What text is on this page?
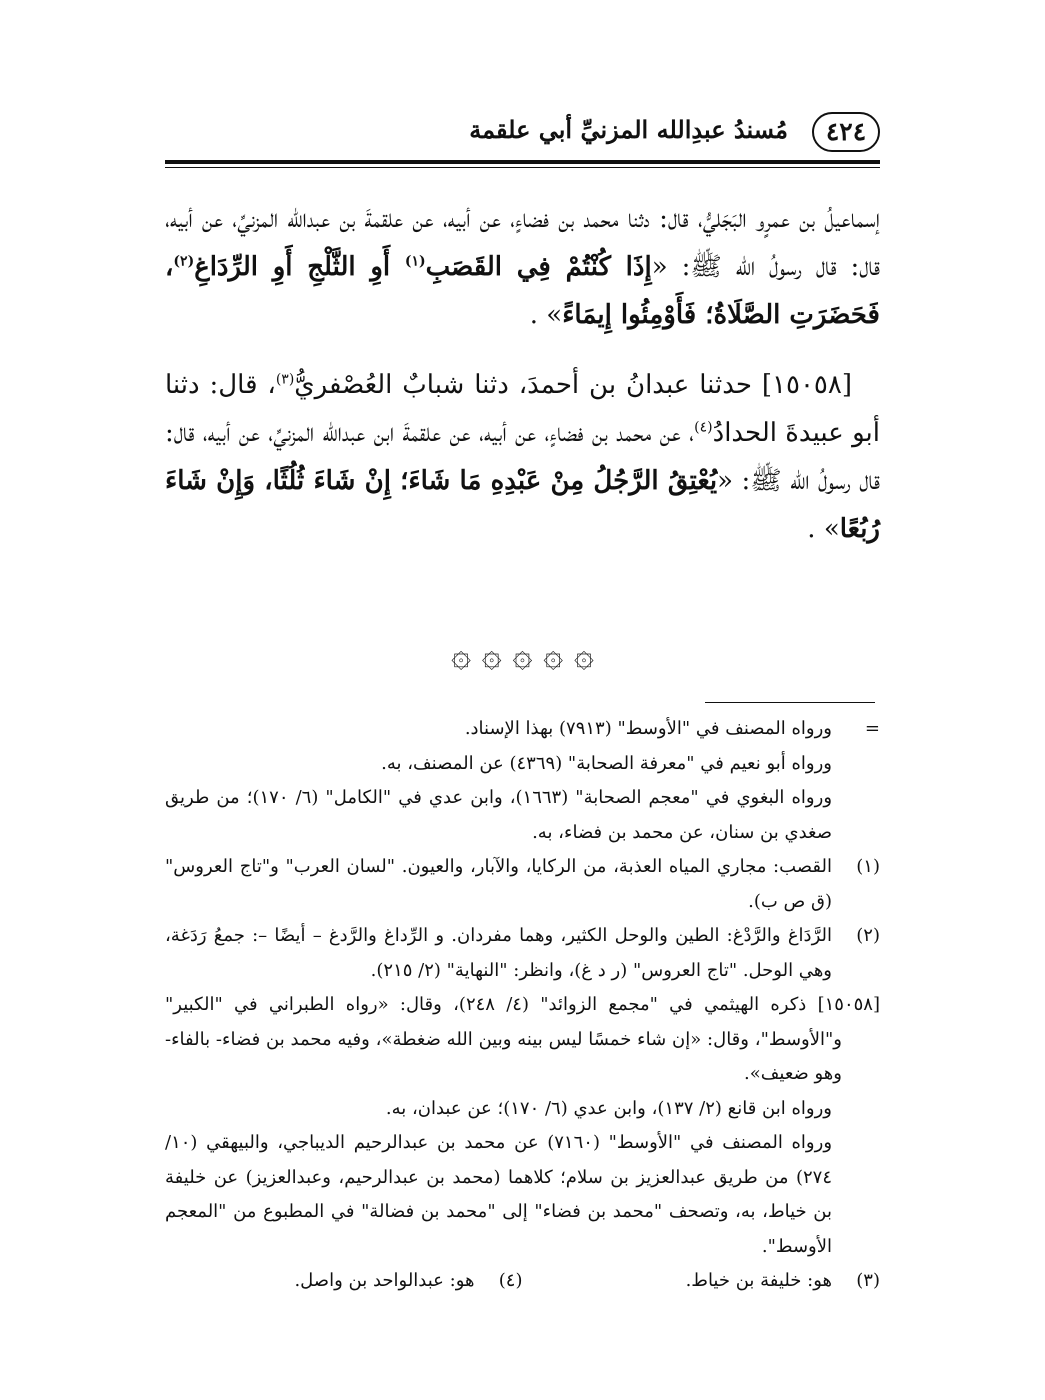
٤٢٤
مُسندُ عبدِالله المزنيِّ أبي علقمة

إسماعيلُ بن عمرٍو البَجَليُّ، قال: دثنا محمد بن فضاءٍ، عن أبيه، عن علقمةَ بن عبدالله المزنيِّ، عن أبيه، قال: قال رسولُ الله ﷺ: «إِذَا كُنْتُمْ فِي القَصَبِ$^{(١)}$ أَوِ الثَّلْجِ أَوِ الرِّدَاغِ$^{(٢)}$، فَحَضَرَتِ الصَّلَاةُ؛ فَأَوْمِئُوا إِيمَاءً» .

[١٥٠٥٨] حدثنا عبدانُ بن أحمدَ، دثنا شبابٌ العُصْفريُّ$^{(٣)}$، قال: دثنا أبو عبيدةَ الحدادُ$^{(٤)}$، عن محمد بن فضاءٍ، عن أبيه، عن علقمةَ ابن عبدالله المزنيِّ، عن أبيه، قال: قال رسولُ الله ﷺ: «يُعْتِقُ الرَّجُلُ مِنْ عَبْدِهِ مَا شَاءَ؛ إِنْ شَاءَ ثُلُثًا، وَإِنْ شَاءَ رُبُعًا» .

۞ ۞ ۞ ۞ ۞
=
ورواه المصنف في "الأوسط" (٧٩١٣) بهذا الإسناد.
ورواه أبو نعيم في "معرفة الصحابة" (٤٣٦٩) عن المصنف، به.
ورواه البغوي في "معجم الصحابة" (١٦٦٣)، وابن عدي في "الكامل" (٦/ ١٧٠)؛ من طريق صغدي بن سنان، عن محمد بن فضاء، به.
(١)
القصب: مجاري المياه العذبة، من الركايا، والآبار، والعيون. "لسان العرب" و"تاج العروس" (ق ص ب).
(٢)
الرَّدَاغ والرَّدْغ: الطين والوحل الكثير، وهما مفردان. و الرِّداغ والرَّدغ – أيضًا –: جمعُ رَدَغة، وهي الوحل. "تاج العروس" (ر د غ)، وانظر: "النهاية" (٢/ ٢١٥).
[١٥٠٥٨] ذكره الهيثمي في "مجمع الزوائد" (٤/ ٢٤٨)، وقال: «رواه الطبراني في "الكبير" و"الأوسط"، وقال: «إن شاء خمسًا ليس بينه وبين الله ضغطة»، وفيه محمد بن فضاء- بالفاء- وهو ضعيف».
ورواه ابن قانع (٢/ ١٣٧)، وابن عدي (٦/ ١٧٠)؛ عن عبدان، به.
ورواه المصنف في "الأوسط" (٧١٦٠) عن محمد بن عبدالرحيم الديباجي، والبيهقي (١٠/ ٢٧٤) من طريق عبدالعزيز بن سلام؛ كلاهما (محمد بن عبدالرحيم، وعبدالعزيز) عن خليفة بن خياط، به، وتصحف "محمد بن فضاء" إلى "محمد بن فضالة" في المطبوع من "المعجم الأوسط".
(٣)
هو: خليفة بن خياط.
(٤)
هو: عبدالواحد بن واصل.
